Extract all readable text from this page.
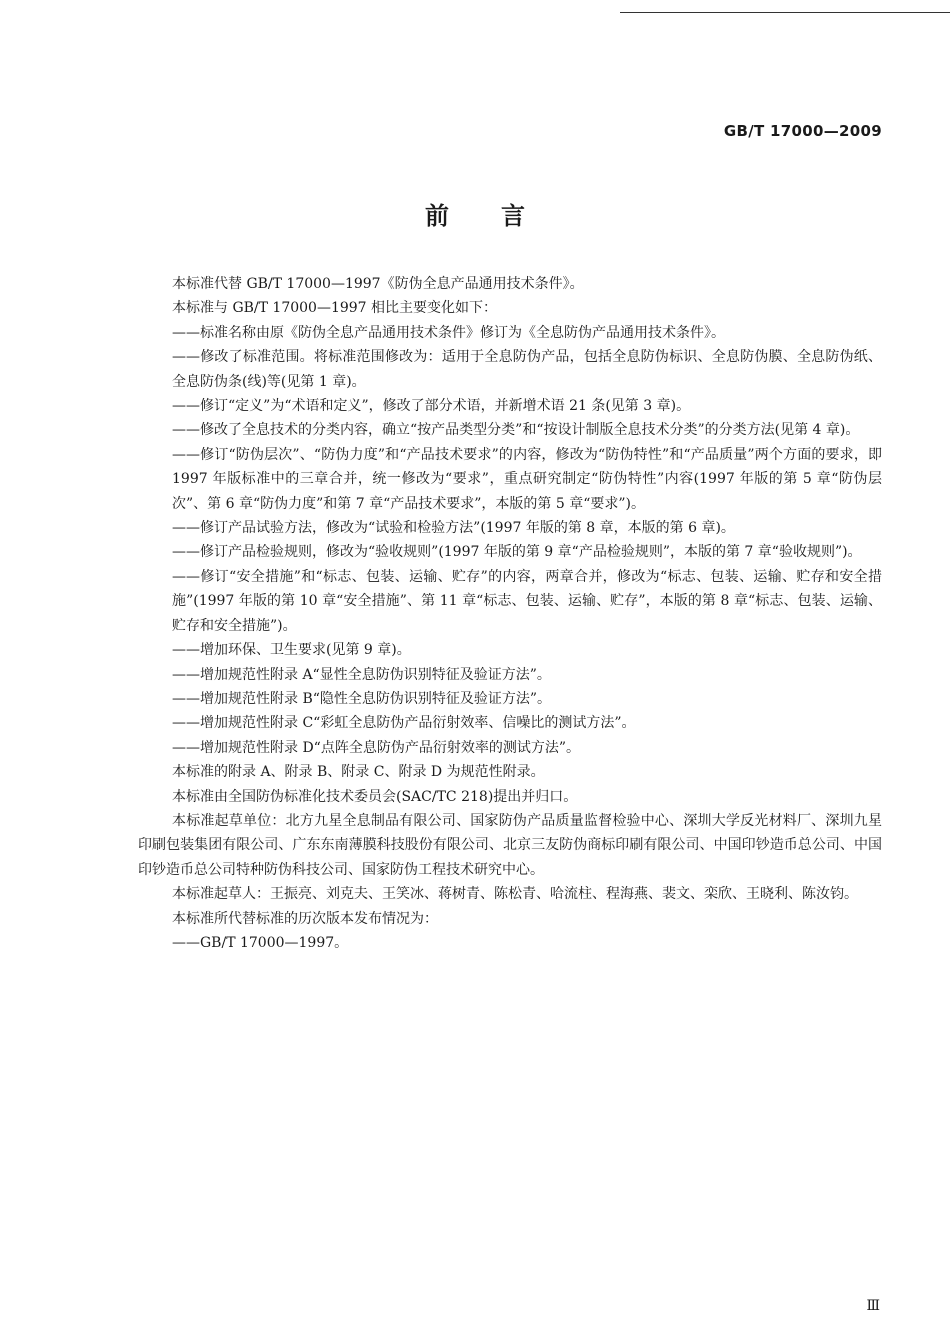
GB/T 17000—2009
前言

本标准代替 GB/T 17000—1997《防伪全息产品通用技术条件》。

本标准与 GB/T 17000—1997 相比主要变化如下：

——标准名称由原《防伪全息产品通用技术条件》修订为《全息防伪产品通用技术条件》。

——修改了标准范围。将标准范围修改为：适用于全息防伪产品，包括全息防伪标识、全息防伪膜、全息防伪纸、全息防伪条(线)等(见第 1 章)。

——修订“定义”为“术语和定义”，修改了部分术语，并新增术语 21 条(见第 3 章)。

——修改了全息技术的分类内容，确立“按产品类型分类”和“按设计制版全息技术分类”的分类方法(见第 4 章)。

——修订“防伪层次”、“防伪力度”和“产品技术要求”的内容，修改为“防伪特性”和“产品质量”两个方面的要求，即 1997 年版标准中的三章合并，统一修改为“要求”，重点研究制定“防伪特性”内容(1997 年版的第 5 章“防伪层次”、第 6 章“防伪力度”和第 7 章“产品技术要求”，本版的第 5 章“要求”)。

——修订产品试验方法，修改为“试验和检验方法”(1997 年版的第 8 章，本版的第 6 章)。

——修订产品检验规则，修改为“验收规则”(1997 年版的第 9 章“产品检验规则”，本版的第 7 章“验收规则”)。

——修订“安全措施”和“标志、包装、运输、贮存”的内容，两章合并，修改为“标志、包装、运输、贮存和安全措施”(1997 年版的第 10 章“安全措施”、第 11 章“标志、包装、运输、贮存”，本版的第 8 章“标志、包装、运输、贮存和安全措施”)。

——增加环保、卫生要求(见第 9 章)。

——增加规范性附录 A“显性全息防伪识别特征及验证方法”。

——增加规范性附录 B“隐性全息防伪识别特征及验证方法”。

——增加规范性附录 C“彩虹全息防伪产品衍射效率、信噪比的测试方法”。

——增加规范性附录 D“点阵全息防伪产品衍射效率的测试方法”。

本标准的附录 A、附录 B、附录 C、附录 D 为规范性附录。

本标准由全国防伪标准化技术委员会(SAC/TC 218)提出并归口。

本标准起草单位：北方九星全息制品有限公司、国家防伪产品质量监督检验中心、深圳大学反光材料厂、深圳九星印刷包装集团有限公司、广东东南薄膜科技股份有限公司、北京三友防伪商标印刷有限公司、中国印钞造币总公司、中国印钞造币总公司特种防伪科技公司、国家防伪工程技术研究中心。

本标准起草人：王振亮、刘克夫、王笑冰、蒋树青、陈松青、哈流柱、程海燕、裴文、栾欣、王晓利、陈汝钧。

本标准所代替标准的历次版本发布情况为：

——GB/T 17000—1997。

Ⅲ
